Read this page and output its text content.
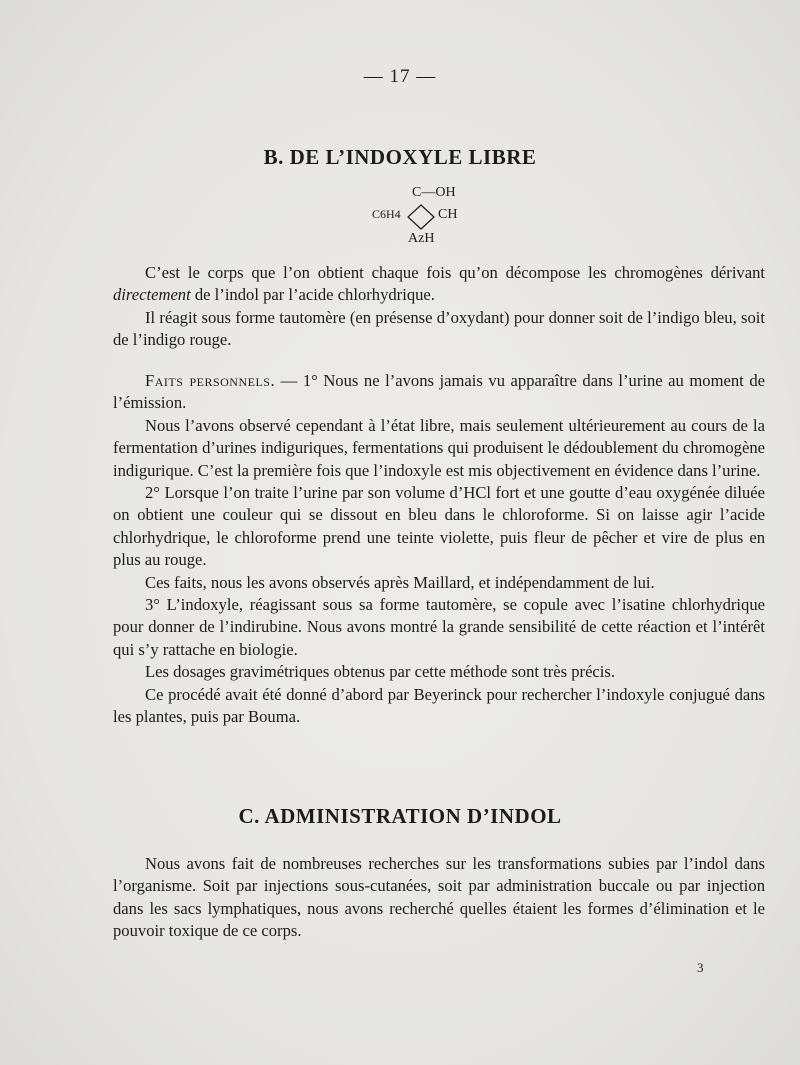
— 17 —
B. DE L’INDOXYLE LIBRE
C—OH
C6H4	CH
AzH

C’est le corps que l’on obtient chaque fois qu’on décompose les chromogènes dérivant directement de l’indol par l’acide chlorhydrique.

Il réagit sous forme tautomère (en présense d’oxydant) pour donner soit de l’indigo bleu, soit de l’indigo rouge.

Faits personnels. — 1° Nous ne l’avons jamais vu apparaître dans l’urine au moment de l’émission.

Nous l’avons observé cependant à l’état libre, mais seulement ultérieurement au cours de la fermentation d’urines indiguriques, fermentations qui produisent le dédoublement du chromogène indigurique. C’est la première fois que l’indoxyle est mis objectivement en évidence dans l’urine.

2° Lorsque l’on traite l’urine par son volume d’HCl fort et une goutte d’eau oxygénée diluée on obtient une couleur qui se dissout en bleu dans le chloroforme. Si on laisse agir l’acide chlorhydrique, le chloroforme prend une teinte violette, puis fleur de pêcher et vire de plus en plus au rouge.

Ces faits, nous les avons observés après Maillard, et indépendamment de lui.

3° L’indoxyle, réagissant sous sa forme tautomère, se copule avec l’isatine chlorhydrique pour donner de l’indirubine. Nous avons montré la grande sensibilité de cette réaction et l’intérêt qui s’y rattache en biologie.

Les dosages gravimétriques obtenus par cette méthode sont très précis.

Ce procédé avait été donné d’abord par Beyerinck pour rechercher l’indoxyle conjugué dans les plantes, puis par Bouma.

C. ADMINISTRATION D’INDOL

Nous avons fait de nombreuses recherches sur les transformations subies par l’indol dans l’organisme. Soit par injections sous-cutanées, soit par administration buccale ou par injection dans les sacs lymphatiques, nous avons recherché quelles étaient les formes d’élimination et le pouvoir toxique de ce corps.

3
